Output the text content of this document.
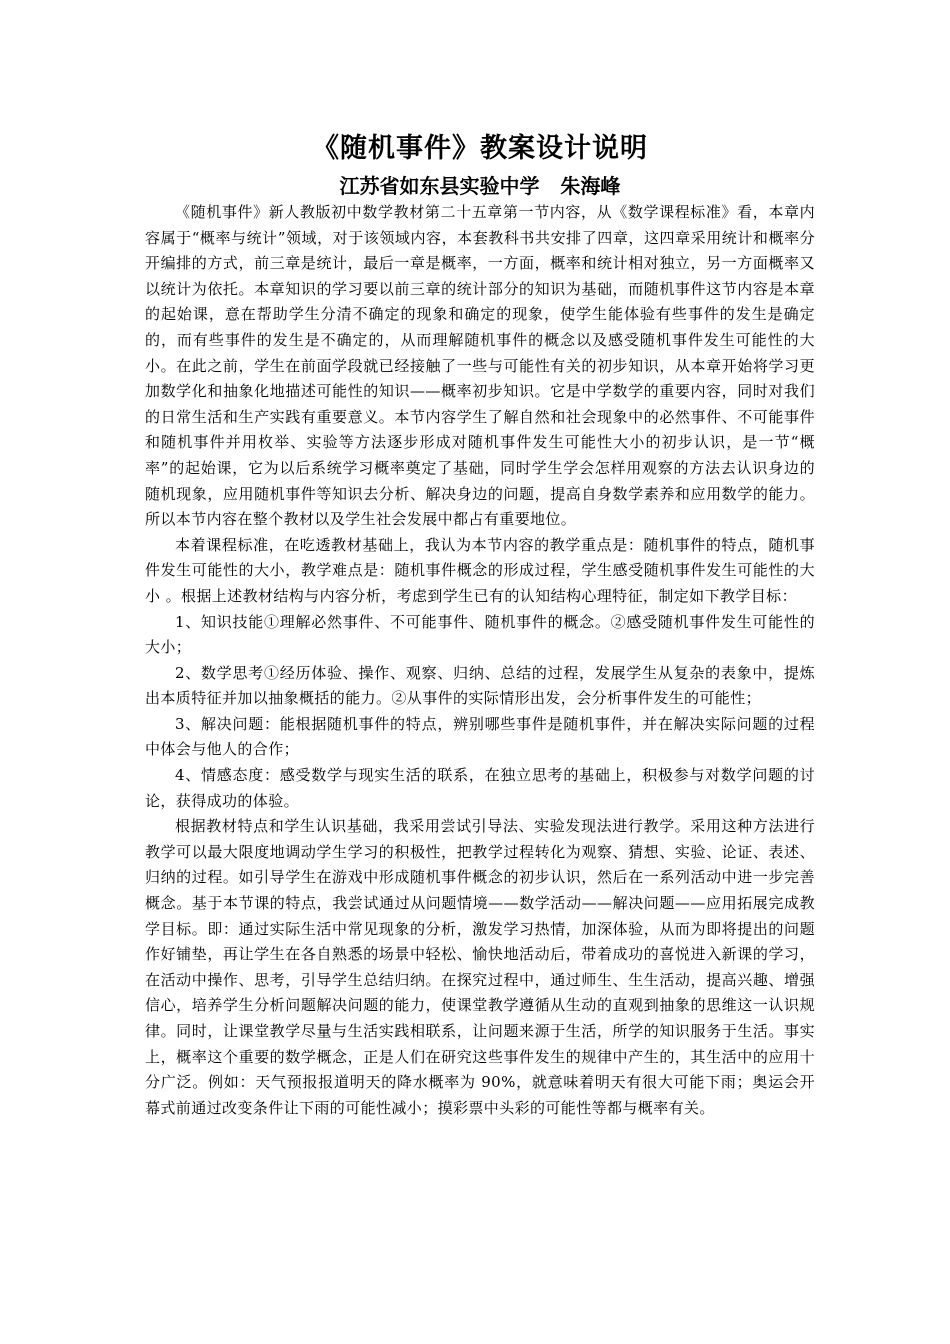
《随机事件》教案设计说明
江苏省如东县实验中学   朱海峰

《随机事件》新人教版初中数学教材第二十五章第一节内容，从《数学课程标准》看，本章内容属于“概率与统计”领域，对于该领域内容，本套教科书共安排了四章，这四章采用统计和概率分开编排的方式，前三章是统计，最后一章是概率，一方面，概率和统计相对独立，另一方面概率又以统计为依托。本章知识的学习要以前三章的统计部分的知识为基础，而随机事件这节内容是本章的起始课，意在帮助学生分清不确定的现象和确定的现象，使学生能体验有些事件的发生是确定的，而有些事件的发生是不确定的，从而理解随机事件的概念以及感受随机事件发生可能性的大小。在此之前，学生在前面学段就已经接触了一些与可能性有关的初步知识，从本章开始将学习更加数学化和抽象化地描述可能性的知识——概率初步知识。它是中学数学的重要内容，同时对我们的日常生活和生产实践有重要意义。本节内容学生了解自然和社会现象中的必然事件、不可能事件和随机事件并用枚举、实验等方法逐步形成对随机事件发生可能性大小的初步认识，是一节“概率”的起始课，它为以后系统学习概率奠定了基础，同时学生学会怎样用观察的方法去认识身边的随机现象，应用随机事件等知识去分析、解决身边的问题，提高自身数学素养和应用数学的能力。所以本节内容在整个教材以及学生社会发展中都占有重要地位。

本着课程标准，在吃透教材基础上，我认为本节内容的教学重点是：随机事件的特点，随机事件发生可能性的大小，教学难点是：随机事件概念的形成过程，学生感受随机事件发生可能性的大小 。根据上述教材结构与内容分析，考虑到学生已有的认知结构心理特征，制定如下教学目标：

1、知识技能①理解必然事件、不可能事件、随机事件的概念。②感受随机事件发生可能性的大小；

2、数学思考①经历体验、操作、观察、归纳、总结的过程，发展学生从复杂的表象中，提炼出本质特征并加以抽象概括的能力。②从事件的实际情形出发，会分析事件发生的可能性；

3、解决问题：能根据随机事件的特点，辨别哪些事件是随机事件，并在解决实际问题的过程中体会与他人的合作；

4、情感态度：感受数学与现实生活的联系，在独立思考的基础上，积极参与对数学问题的讨论，获得成功的体验。

根据教材特点和学生认识基础，我采用尝试引导法、实验发现法进行教学。采用这种方法进行教学可以最大限度地调动学生学习的积极性，把教学过程转化为观察、猜想、实验、论证、表述、归纳的过程。如引导学生在游戏中形成随机事件概念的初步认识，然后在一系列活动中进一步完善概念。基于本节课的特点，我尝试通过从问题情境——数学活动——解决问题——应用拓展完成教学目标。即：通过实际生活中常见现象的分析，激发学习热情，加深体验，从而为即将提出的问题作好铺垫，再让学生在各自熟悉的场景中轻松、愉快地活动后，带着成功的喜悦进入新课的学习，在活动中操作、思考，引导学生总结归纳。在探究过程中，通过师生、生生活动，提高兴趣、增强信心，培养学生分析问题解决问题的能力，使课堂教学遵循从生动的直观到抽象的思维这一认识规律。同时，让课堂教学尽量与生活实践相联系，让问题来源于生活，所学的知识服务于生活。事实上，概率这个重要的数学概念，正是人们在研究这些事件发生的规律中产生的，其生活中的应用十分广泛。例如：天气预报报道明天的降水概率为 90%，就意味着明天有很大可能下雨；奥运会开幕式前通过改变条件让下雨的可能性减小；摸彩票中头彩的可能性等都与概率有关。
